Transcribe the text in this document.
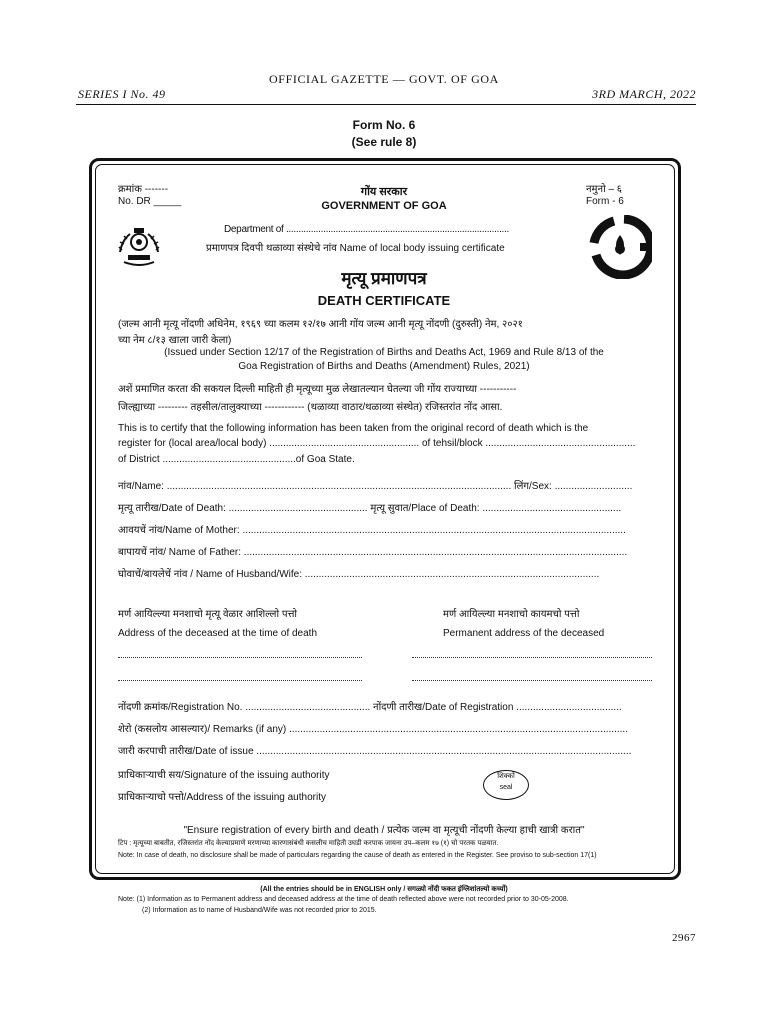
OFFICIAL GAZETTE — GOVT. OF GOA
SERIES I No. 49	3RD MARCH, 2022
Form No. 6
(See rule 8)
क्रमांक -------
No. DR _____
गोंय सरकार
GOVERNMENT OF GOA
नमुनो – ६
Form - 6
Department of ..........................................................................................
प्रमाणपत्र दिवपी थळाव्या संस्थेचे नांव Name of local body issuing certificate
मृत्यू प्रमाणपत्र
DEATH CERTIFICATE
(जल्म आनी मृत्यू नोंदणी अधिनेम, १९६९ च्या कलम १२/१७ आनी गोंय जल्म आनी मृत्यू नोंदणी (दुरुस्ती) नेम, २०२१
च्या नेम ८/१३ खाला जारी केला)
(Issued under Section 12/17 of the Registration of Births and Deaths Act, 1969 and Rule 8/13 of the
Goa Registration of Births and Deaths (Amendment) Rules, 2021)
अशें प्रमाणित करता की सकयल दिल्ली माहिती ही मृत्यूच्या मुळ लेखातल्यान घेतल्या जी गोंय राज्याच्या -----------
जिल्ह्याच्या --------- तहसील/तालुक्याच्या ------------ (थळाव्या वाठार/थळाव्या संस्थेत) रजिस्तरांत नोंद आसा.
This is to certify that the following information has been taken from the original record of death which is the
register for (local area/local body) ...................................................... of tehsil/block ......................................................
of District ................................................of Goa State.
नांव/Name: ............................................................................................................................ लिंग/Sex: ............................
मृत्यू तारीख/Date of Death: .................................................. मृत्यू सुवात/Place of Death: ..................................................
आवयचें नांव/Name of Mother: ..........................................................................................................................................
बापायचें नांव/ Name of Father: ..........................................................................................................................................
घोवाचें/बायलेचें नांव / Name of Husband/Wife: ..........................................................................................................
मर्ण आयिल्ल्या मनशाचो मृत्यू वेळार आशिल्लो पत्तो
Address of the deceased at the time of death
मर्ण आयिल्ल्या मनशाचो कायमचो पत्तो
Permanent address of the deceased
नोंदणी क्रमांक/Registration No. ............................................. नोंदणी तारीख/Date of Registration ......................................
शेरो (कसलोय आसल्यार)/ Remarks (if any) ..........................................................................................................................
जारी करपाची तारीख/Date of issue .......................................................................................................................................
प्राधिकाऱ्याची सय/Signature of the issuing authority
प्राधिकाऱ्याचो पत्तो/Address of the issuing authority
शिक्को
seal
"Ensure registration of every birth and death / प्रत्येक जल्म वा मृत्यूची नोंदणी केल्या हाची खात्री करात"
टिप : मृत्यूच्या बाबतीत, रजिस्तरांत नोंद केल्याप्रमाणे मरणाच्या कारणासंबंधी कसलीच माहिती उघडी करपाक जायना उप–कलम १७ (१) चो परतक पळयात.
Note: In case of death, no disclosure shall be made of particulars regarding the cause of death as entered in the Register. See proviso to sub-section 17(1)
(All the entries should be in ENGLISH only / सगळ्यो नोंदी फकत इंग्लिशांतल्यो कर्च्यो)
Note: (1) Information as to Permanent address and deceased address at the time of death reflected above were not recorded prior to 30-05-2008.
(2) Information as to name of Husband/Wife was not recorded prior to 2015.
2967
